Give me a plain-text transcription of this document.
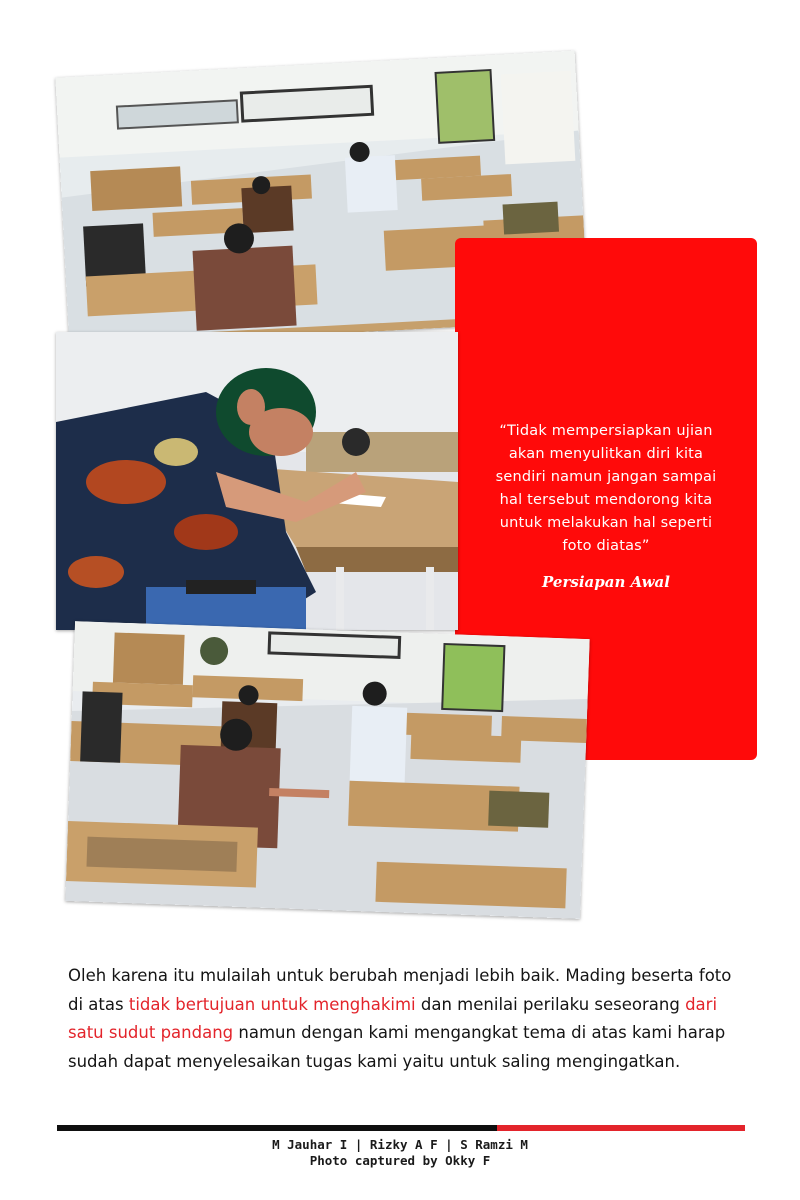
“Tidak mempersiapkan ujian
akan menyulitkan diri kita
sendiri namun jangan sampai
hal tersebut mendorong kita
untuk melakukan hal seperti
foto diatas”
Persiapan Awal
Oleh karena itu mulailah untuk berubah menjadi lebih baik. Mading beserta foto di atas tidak bertujuan untuk menghakimi dan menilai perilaku seseorang dari satu sudut pandang namun dengan kami mengangkat tema di atas kami harap sudah dapat menyelesaikan tugas kami yaitu untuk saling mengingatkan.
M Jauhar I | Rizky A F | S Ramzi M
Photo captured by Okky F
